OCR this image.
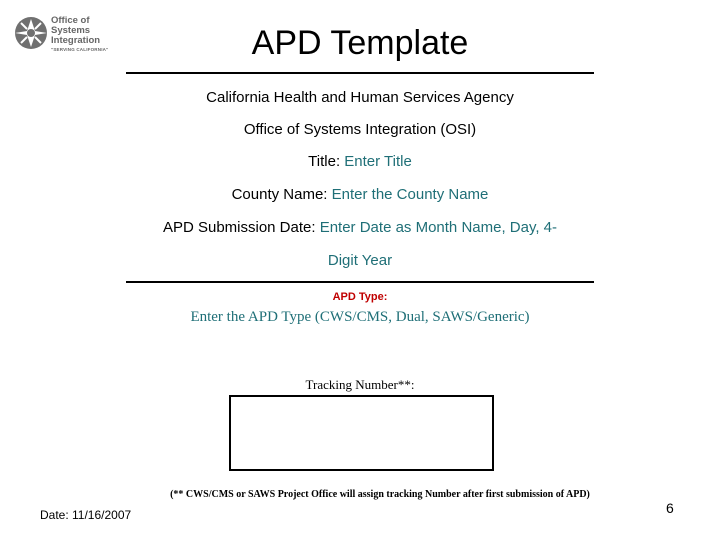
Office of
Systems
Integration
"SERVING CALIFORNIA"	APD Template
California Health and Human Services Agency
Office of Systems Integration (OSI)
Title: Enter Title
County Name: Enter the County Name
APD Submission Date: Enter Date as Month Name, Day, 4-
Digit Year
APD Type:
Enter the APD Type (CWS/CMS, Dual, SAWS/Generic)
Tracking Number**:
(** CWS/CMS or SAWS Project Office will assign tracking Number after first submission of APD)
Date: 11/16/2007	6
